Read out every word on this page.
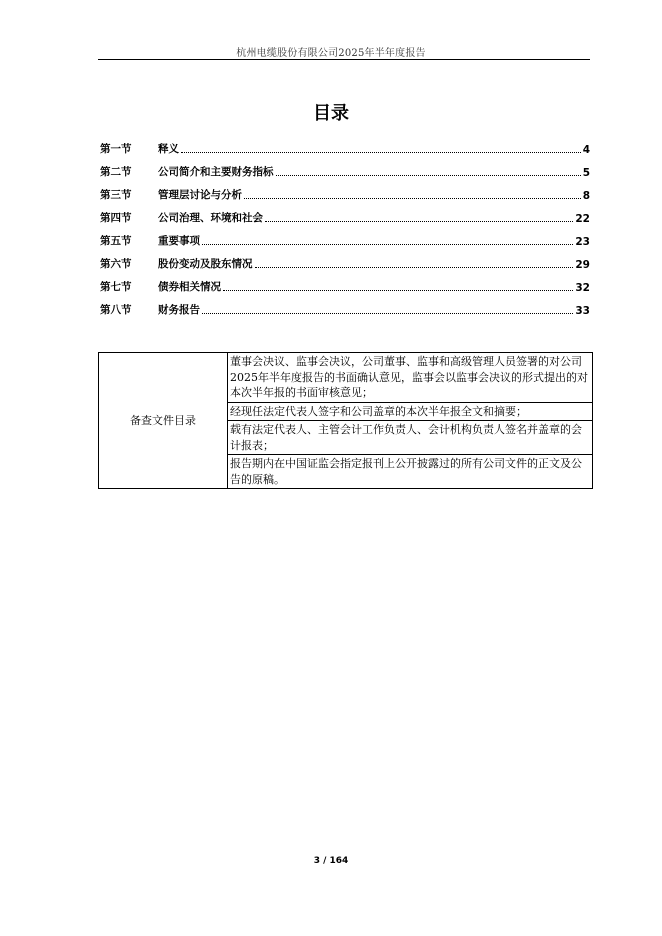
杭州电缆股份有限公司2025年半年度报告
目录
第一节	释义	4
第二节	公司简介和主要财务指标	5
第三节	管理层讨论与分析	8
第四节	公司治理、环境和社会	22
第五节	重要事项	23
第六节	股份变动及股东情况	29
第七节	债券相关情况	32
第八节	财务报告	33
备查文件目录	董事会决议、监事会决议，公司董事、监事和高级管理人员签署的对公司2025年半年度报告的书面确认意见，监事会以监事会决议的形式提出的对本次半年报的书面审核意见；
经现任法定代表人签字和公司盖章的本次半年报全文和摘要；
载有法定代表人、主管会计工作负责人、会计机构负责人签名并盖章的会计报表；
报告期内在中国证监会指定报刊上公开披露过的所有公司文件的正文及公告的原稿。
3 / 164
